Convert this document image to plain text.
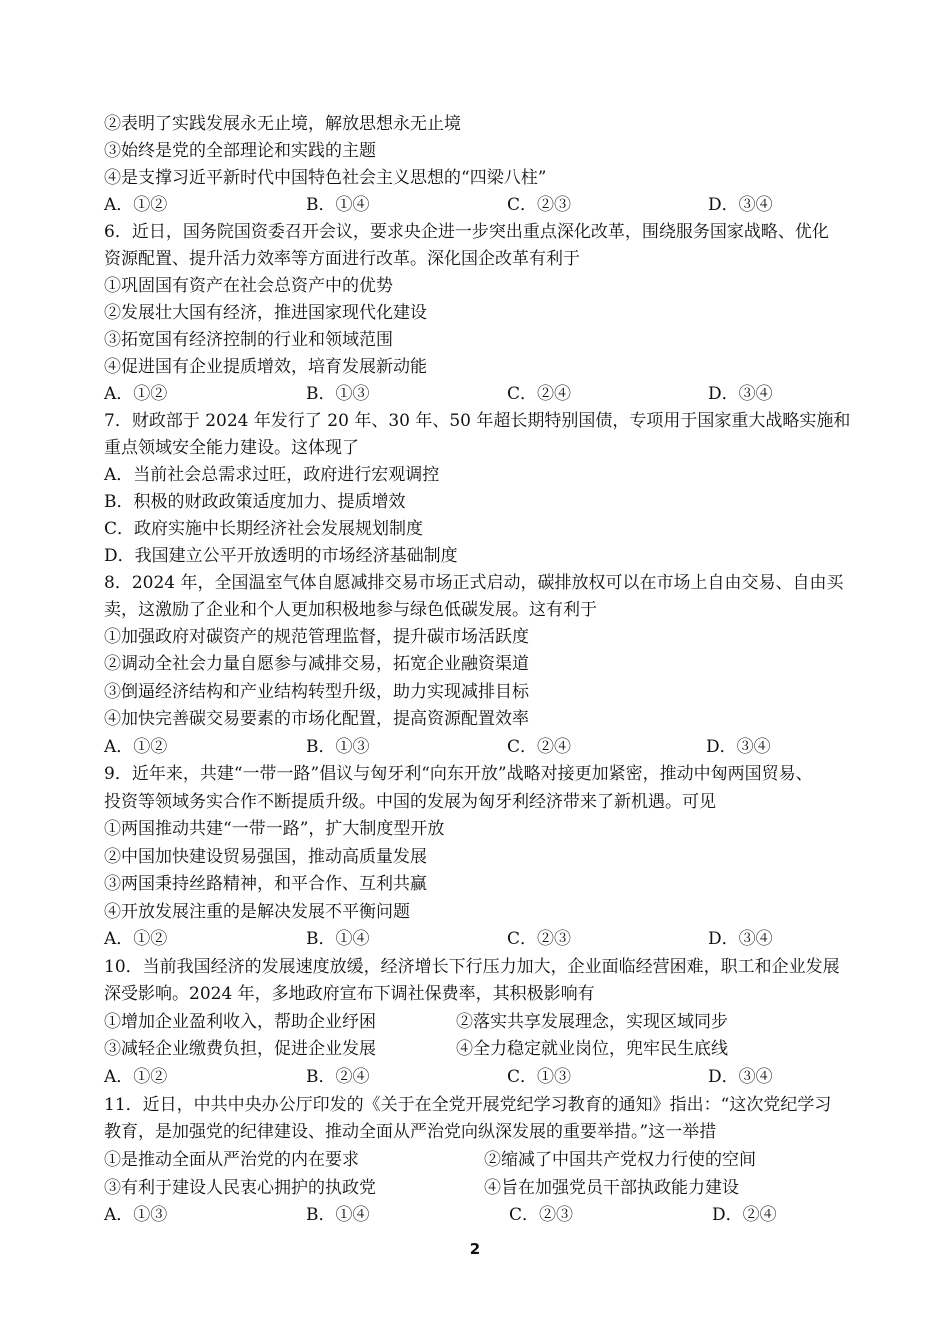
②表明了实践发展永无止境，解放思想永无止境
③始终是党的全部理论和实践的主题
④是支撑习近平新时代中国特色社会主义思想的“四梁八柱”
A．①②	B．①④	C．②③	D．③④
6．近日，国务院国资委召开会议，要求央企进一步突出重点深化改革，围绕服务国家战略、优化
资源配置、提升活力效率等方面进行改革。深化国企改革有利于
①巩固国有资产在社会总资产中的优势
②发展壮大国有经济，推进国家现代化建设
③拓宽国有经济控制的行业和领域范围
④促进国有企业提质增效，培育发展新动能
A．①②	B．①③	C．②④	D．③④
7．财政部于 2024 年发行了 20 年、30 年、50 年超长期特别国债，专项用于国家重大战略实施和
重点领域安全能力建设。这体现了
A．当前社会总需求过旺，政府进行宏观调控
B．积极的财政政策适度加力、提质增效
C．政府实施中长期经济社会发展规划制度
D．我国建立公平开放透明的市场经济基础制度
8．2024 年，全国温室气体自愿减排交易市场正式启动，碳排放权可以在市场上自由交易、自由买
卖，这激励了企业和个人更加积极地参与绿色低碳发展。这有利于
①加强政府对碳资产的规范管理监督，提升碳市场活跃度
②调动全社会力量自愿参与减排交易，拓宽企业融资渠道
③倒逼经济结构和产业结构转型升级，助力实现减排目标
④加快完善碳交易要素的市场化配置，提高资源配置效率
A．①②	B．①③	C．②④	D．③④
9．近年来，共建“一带一路”倡议与匈牙利“向东开放”战略对接更加紧密，推动中匈两国贸易、
投资等领域务实合作不断提质升级。中国的发展为匈牙利经济带来了新机遇。可见
①两国推动共建“一带一路”，扩大制度型开放
②中国加快建设贸易强国，推动高质量发展
③两国秉持丝路精神，和平合作、互利共赢
④开放发展注重的是解决发展不平衡问题
A．①②	B．①④	C．②③	D．③④
10．当前我国经济的发展速度放缓，经济增长下行压力加大，企业面临经营困难，职工和企业发展
深受影响。2024 年，多地政府宣布下调社保费率，其积极影响有
①增加企业盈利收入，帮助企业纾困	②落实共享发展理念，实现区域同步
③减轻企业缴费负担，促进企业发展	④全力稳定就业岗位，兜牢民生底线
A．①②	B．②④	C．①③	D．③④
11．近日，中共中央办公厅印发的《关于在全党开展党纪学习教育的通知》指出：“这次党纪学习
教育，是加强党的纪律建设、推动全面从严治党向纵深发展的重要举措。”这一举措
①是推动全面从严治党的内在要求	②缩减了中国共产党权力行使的空间
③有利于建设人民衷心拥护的执政党	④旨在加强党员干部执政能力建设
A．①③	B．①④	C．②③	D．②④
2
